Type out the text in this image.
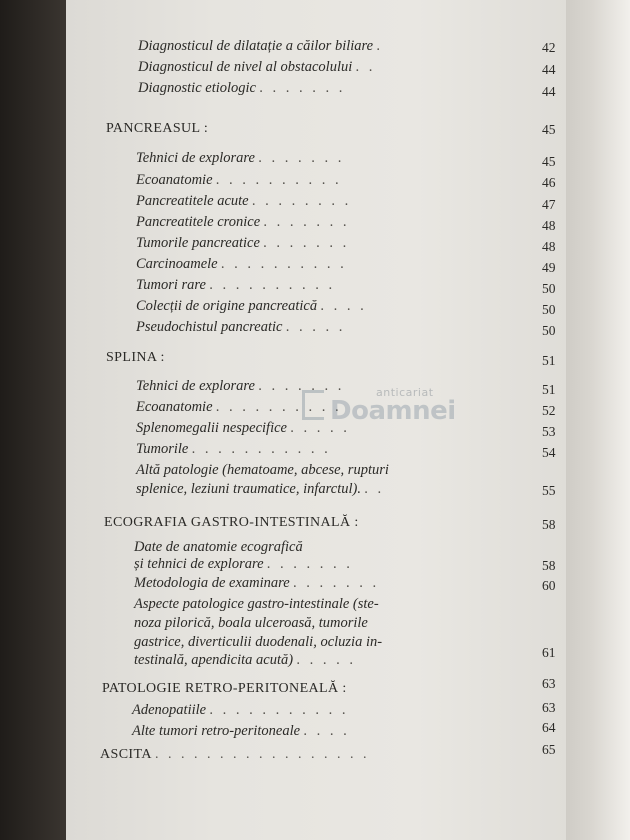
Diagnosticul de dilatație a căilor biliare .	42
Diagnosticul de nivel al obstacolului . .	44
Diagnostic etiologic . . . . . . .	44
PANCREASUL :	45
Tehnici de explorare . . . . . . .	45
Ecoanatomie . . . . . . . . . .	46
Pancreatitele acute . . . . . . . .	47
Pancreatitele cronice . . . . . . .	48
Tumorile pancreatice . . . . . . .	48
Carcinoamele . . . . . . . . . .	49
Tumori rare . . . . . . . . . .	50
Colecții de origine pancreatică . . . .	50
Pseudochistul pancreatic . . . . .	50
SPLINA :	51
Tehnici de explorare . . . . . . .	51
Ecoanatomie . . . . . . . . . .	52
Splenomegalii nespecifice . . . . .	53
Tumorile . . . . . . . . . . .	54
Altă patologie (hematoame, abcese, rupturi
splenice, leziuni traumatice, infarctul). . .	55
ECOGRAFIA GASTRO-INTESTINALĂ :	58
Date de anatomie ecografică
și tehnici de explorare . . . . . . .	58
Metodologia de examinare . . . . . . .	60
Aspecte patologice gastro-intestinale (ste-
noza pilorică, boala ulceroasă, tumorile
gastrice, diverticulii duodenali, ocluzia in-
testinală, apendicita acută) . . . . .	61
PATOLOGIE RETRO-PERITONEALĂ :	63
Adenopatiile . . . . . . . . . . .	63
Alte tumori retro-peritoneale . . . .	64
ASCITA . . . . . . . . . . . . . . . . .	65
anticariat
Doamnei
